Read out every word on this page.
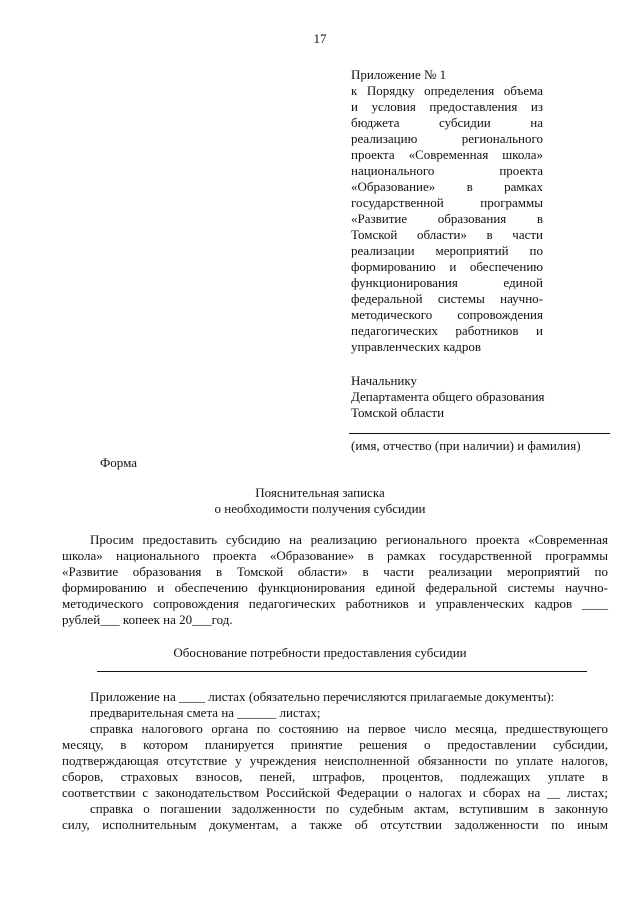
17
Приложение № 1
к Порядку определения объема
и условия предоставления из
бюджета субсидии на
реализацию регионального
проекта «Современная школа»
национального проекта
«Образование» в рамках
государственной программы
«Развитие образования в
Томской области» в части
реализации мероприятий по
формированию и обеспечению
функционирования единой
федеральной системы научно-
методического сопровождения
педагогических работников и
управленческих кадров
Начальнику
Департамента общего образования
Томской области
(имя, отчество (при наличии) и фамилия)
Форма
Пояснительная записка
о необходимости получения субсидии
Просим предоставить субсидию на реализацию регионального проекта «Современная
школа» национального проекта «Образование» в рамках государственной программы
«Развитие образования в Томской области» в части реализации мероприятий по
формированию и обеспечению функционирования единой федеральной системы научно-
методического сопровождения педагогических работников и управленческих кадров ____
рублей___ копеек на 20___год.
Обоснование потребности предоставления субсидии
Приложение на ____ листах (обязательно перечисляются прилагаемые документы):
предварительная смета на ______ листах;
справка налогового органа по состоянию на первое число месяца, предшествующего
месяцу, в котором планируется принятие решения о предоставлении субсидии,
подтверждающая отсутствие у учреждения неисполненной обязанности по уплате налогов,
сборов, страховых взносов, пеней, штрафов, процентов, подлежащих уплате в
соответствии с законодательством Российской Федерации о налогах и сборах на __ листах;
справка о погашении задолженности по судебным актам, вступившим в законную
силу, исполнительным документам, а также об отсутствии задолженности по иным
